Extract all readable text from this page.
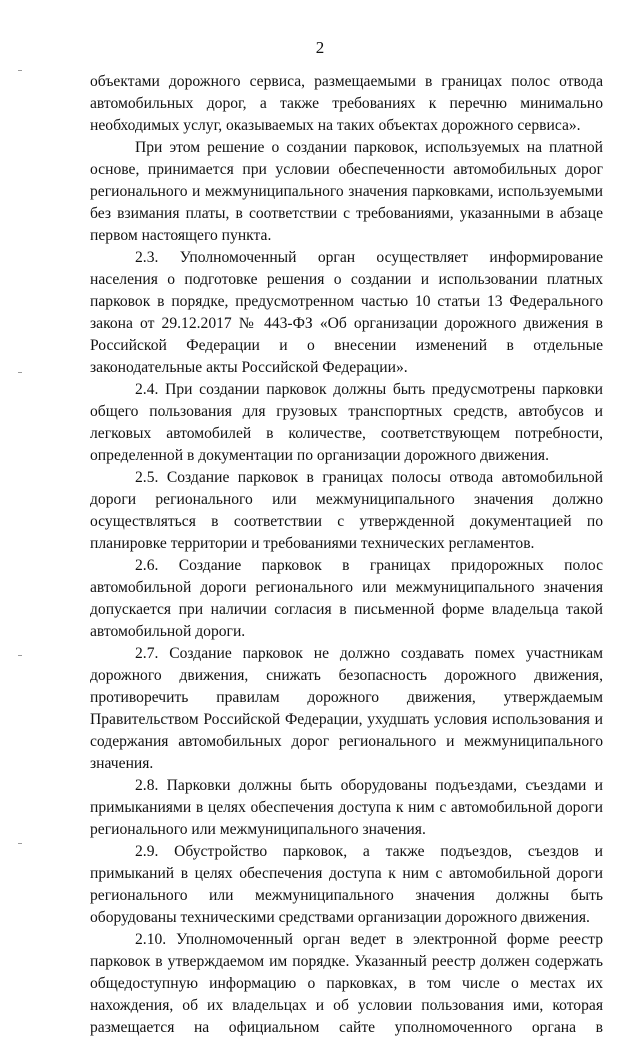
2

объектами дорожного сервиса, размещаемыми в границах полос отвода автомобильных дорог, а также требованиях к перечню минимально необходимых услуг, оказываемых на таких объектах дорожного сервиса».

При этом решение о создании парковок, используемых на платной основе, принимается при условии обеспеченности автомобильных дорог регионального и межмуниципального значения парковками, используемыми без взимания платы, в соответствии с требованиями, указанными в абзаце первом настоящего пункта.

2.3. Уполномоченный орган осуществляет информирование населения о подготовке решения о создании и использовании платных парковок в порядке, предусмотренном частью 10 статьи 13 Федерального закона от 29.12.2017 № 443-ФЗ «Об организации дорожного движения в Российской Федерации и о внесении изменений в отдельные законодательные акты Российской Федерации».

2.4. При создании парковок должны быть предусмотрены парковки общего пользования для грузовых транспортных средств, автобусов и легковых автомобилей в количестве, соответствующем потребности, определенной в документации по организации дорожного движения.

2.5. Создание парковок в границах полосы отвода автомобильной дороги регионального или межмуниципального значения должно осуществляться в соответствии с утвержденной документацией по планировке территории и требованиями технических регламентов.

2.6. Создание парковок в границах придорожных полос автомобильной дороги регионального или межмуниципального значения допускается при наличии согласия в письменной форме владельца такой автомобильной дороги.

2.7. Создание парковок не должно создавать помех участникам дорожного движения, снижать безопасность дорожного движения, противоречить правилам дорожного движения, утверждаемым Правительством Российской Федерации, ухудшать условия использования и содержания автомобильных дорог регионального и межмуниципального значения.

2.8. Парковки должны быть оборудованы подъездами, съездами и примыканиями в целях обеспечения доступа к ним с автомобильной дороги регионального или межмуниципального значения.

2.9. Обустройство парковок, а также подъездов, съездов и примыканий в целях обеспечения доступа к ним с автомобильной дороги регионального или межмуниципального значения должны быть оборудованы техническими средствами организации дорожного движения.

2.10. Уполномоченный орган ведет в электронной форме реестр парковок в утверждаемом им порядке. Указанный реестр должен содержать общедоступную информацию о парковках, в том числе о местах их нахождения, об их владельцах и об условии пользования ими, которая размещается на официальном сайте уполномоченного органа в
